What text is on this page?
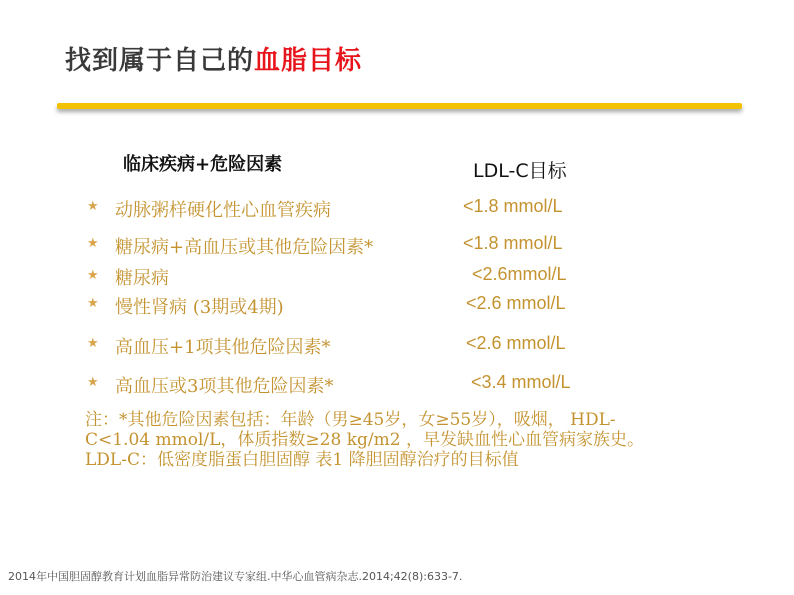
找到属于自己的血脂目标
临床疾病+危险因素	LDL-C目标
★ 动脉粥样硬化性心血管疾病	<1.8 mmol/L
★ 糖尿病+高血压或其他危险因素*	<1.8 mmol/L
★ 糖尿病	<2.6mmol/L
★ 慢性肾病 (3期或4期)	<2.6 mmol/L
★ 高血压+1项其他危险因素*	<2.6 mmol/L
★ 高血压或3项其他危险因素*	<3.4 mmol/L
注：*其他危险因素包括：年龄（男≥45岁，女≥55岁），吸烟， HDL-
C<1.04 mmol/L，体质指数≥28 kg/m2 ，早发缺血性心血管病家族史。
LDL-C：低密度脂蛋白胆固醇 表1 降胆固醇治疗的目标值
2014年中国胆固醇教育计划血脂异常防治建议专家组.中华心血管病杂志.2014;42(8):633-7.
